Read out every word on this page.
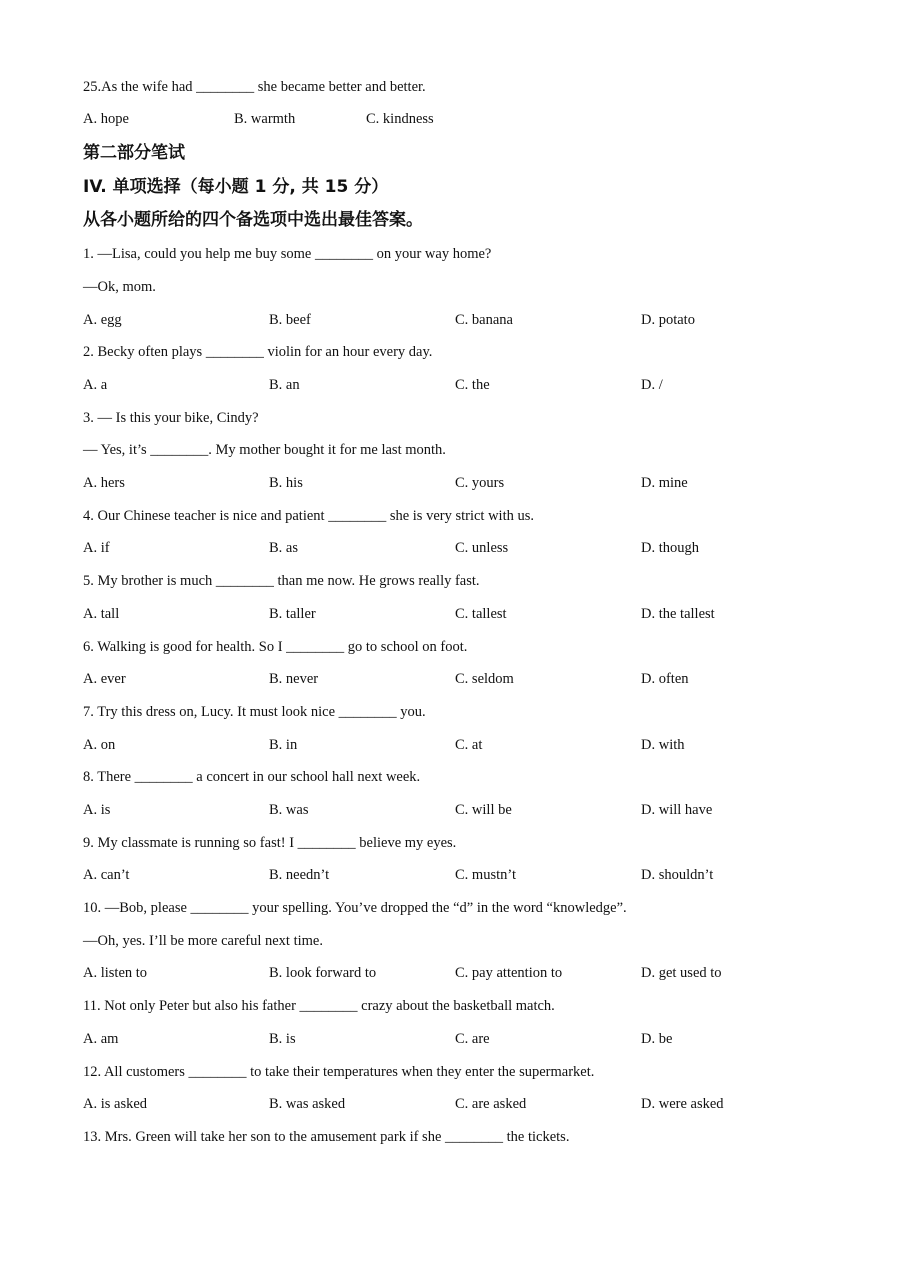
25.As the wife had ________ she became better and better.
A. hope	B. warmth	C. kindness
第二部分笔试
IV. 单项选择（每小题 1 分, 共 15 分）
从各小题所给的四个备选项中选出最佳答案。
1. —Lisa, could you help me buy some ________ on your way home?
—Ok, mom.
A. egg	B. beef	C. banana	D. potato
2. Becky often plays ________ violin for an hour every day.
A. a	B. an	C. the	D. /
3. — Is this your bike, Cindy?
— Yes, it’s ________. My mother bought it for me last month.
A. hers	B. his	C. yours	D. mine
4. Our Chinese teacher is nice and patient ________ she is very strict with us.
A. if	B. as	C. unless	D. though
5. My brother is much ________ than me now. He grows really fast.
A. tall	B. taller	C. tallest	D. the tallest
6. Walking is good for health. So I ________ go to school on foot.
A. ever	B. never	C. seldom	D. often
7. Try this dress on, Lucy. It must look nice ________ you.
A. on	B. in	C. at	D. with
8. There ________ a concert in our school hall next week.
A. is	B. was	C. will be	D. will have
9. My classmate is running so fast! I ________ believe my eyes.
A. can’t	B. needn’t	C. mustn’t	D. shouldn’t
10. —Bob, please ________ your spelling. You’ve dropped the “d” in the word “knowledge”.
—Oh, yes. I’ll be more careful next time.
A. listen to	B. look forward to	C. pay attention to	D. get used to
11. Not only Peter but also his father ________ crazy about the basketball match.
A. am	B. is	C. are	D. be
12. All customers ________ to take their temperatures when they enter the supermarket.
A. is asked	B. was asked	C. are asked	D. were asked
13. Mrs. Green will take her son to the amusement park if she ________ the tickets.
